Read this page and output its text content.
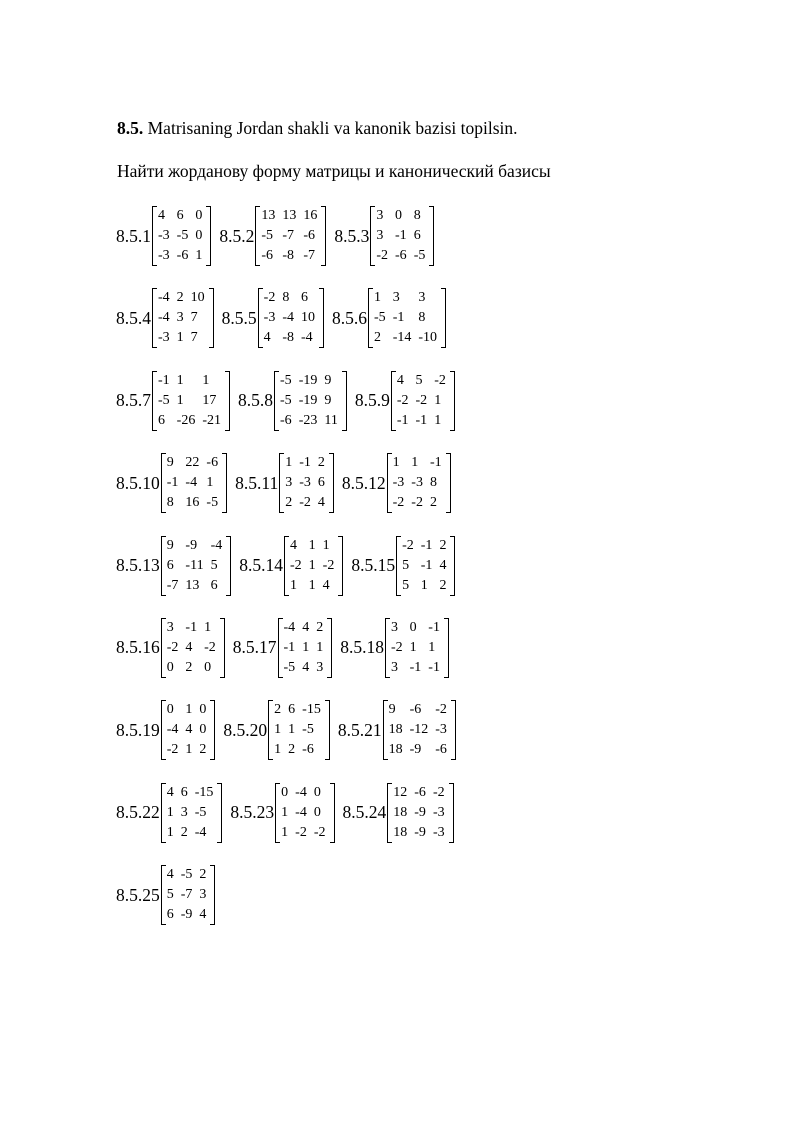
8.5. Matrisaning Jordan shakli va kanonik bazisi topilsin.
Найти жорданову форму матрицы и канонический базисы
8.5.1
4	6	0
-3	-5	0
-3	-6	1
8.5.2
13	13	16
-5	-7	-6
-6	-8	-7
8.5.3
3	0	8
3	-1	6
-2	-6	-5
8.5.4
-4	2	10
-4	3	7
-3	1	7
8.5.5
-2	8	6
-3	-4	10
4	-8	-4
8.5.6
1	3	3
-5	-1	8
2	-14	-10
8.5.7
-1	1	1
-5	1	17
6	-26	-21
8.5.8
-5	-19	9
-5	-19	9
-6	-23	11
8.5.9
4	5	-2
-2	-2	1
-1	-1	1
8.5.10
9	22	-6
-1	-4	1
8	16	-5
8.5.11
1	-1	2
3	-3	6
2	-2	4
8.5.12
1	1	-1
-3	-3	8
-2	-2	2
8.5.13
9	-9	-4
6	-11	5
-7	13	6
8.5.14
4	1	1
-2	1	-2
1	1	4
8.5.15
-2	-1	2
5	-1	4
5	1	2
8.5.16
3	-1	1
-2	4	-2
0	2	0
8.5.17
-4	4	2
-1	1	1
-5	4	3
8.5.18
3	0	-1
-2	1	1
3	-1	-1
8.5.19
0	1	0
-4	4	0
-2	1	2
8.5.20
2	6	-15
1	1	-5
1	2	-6
8.5.21
9	-6	-2
18	-12	-3
18	-9	-6
8.5.22
4	6	-15
1	3	-5
1	2	-4
8.5.23
0	-4	0
1	-4	0
1	-2	-2
8.5.24
12	-6	-2
18	-9	-3
18	-9	-3
8.5.25
4	-5	2
5	-7	3
6	-9	4
